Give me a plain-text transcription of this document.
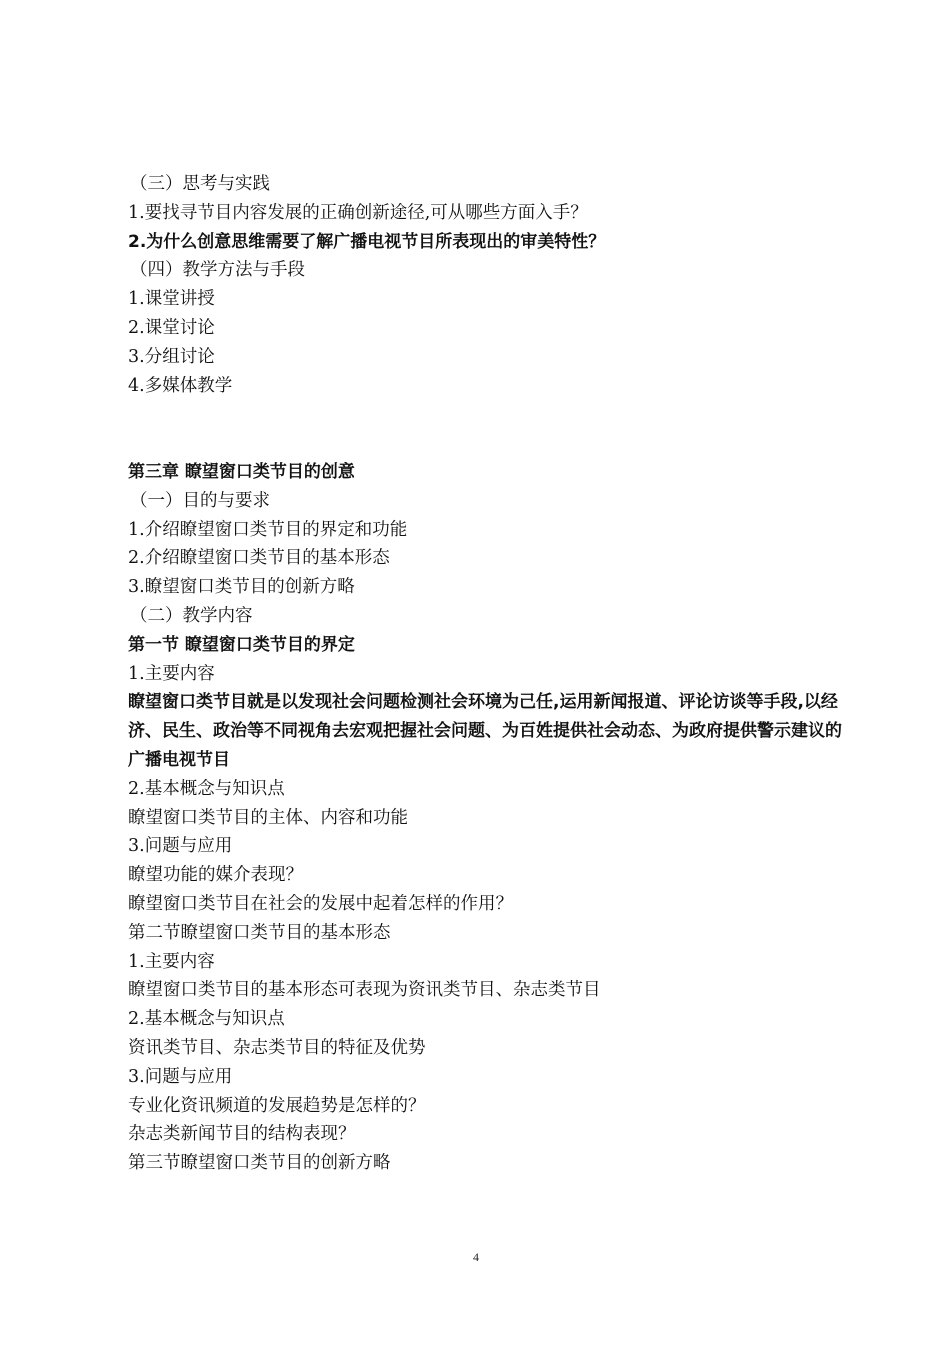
（三）思考与实践
1.要找寻节目内容发展的正确创新途径,可从哪些方面入手？
2.为什么创意思维需要了解广播电视节目所表现出的审美特性？
（四）教学方法与手段
1.课堂讲授
2.课堂讨论
3.分组讨论
4.多媒体教学
第三章 瞭望窗口类节目的创意
（一）目的与要求
1.介绍瞭望窗口类节目的界定和功能
2.介绍瞭望窗口类节目的基本形态
3.瞭望窗口类节目的创新方略
（二）教学内容
第一节 瞭望窗口类节目的界定
1.主要内容
瞭望窗口类节目就是以发现社会问题检测社会环境为己任,运用新闻报道、评论访谈等手段,以经济、民生、政治等不同视角去宏观把握社会问题、为百姓提供社会动态、为政府提供警示建议的广播电视节目
2.基本概念与知识点
瞭望窗口类节目的主体、内容和功能
3.问题与应用
瞭望功能的媒介表现？
瞭望窗口类节目在社会的发展中起着怎样的作用？
第二节瞭望窗口类节目的基本形态
1.主要内容
瞭望窗口类节目的基本形态可表现为资讯类节目、杂志类节目
2.基本概念与知识点
资讯类节目、杂志类节目的特征及优势
3.问题与应用
专业化资讯频道的发展趋势是怎样的？
杂志类新闻节目的结构表现？
第三节瞭望窗口类节目的创新方略
4
